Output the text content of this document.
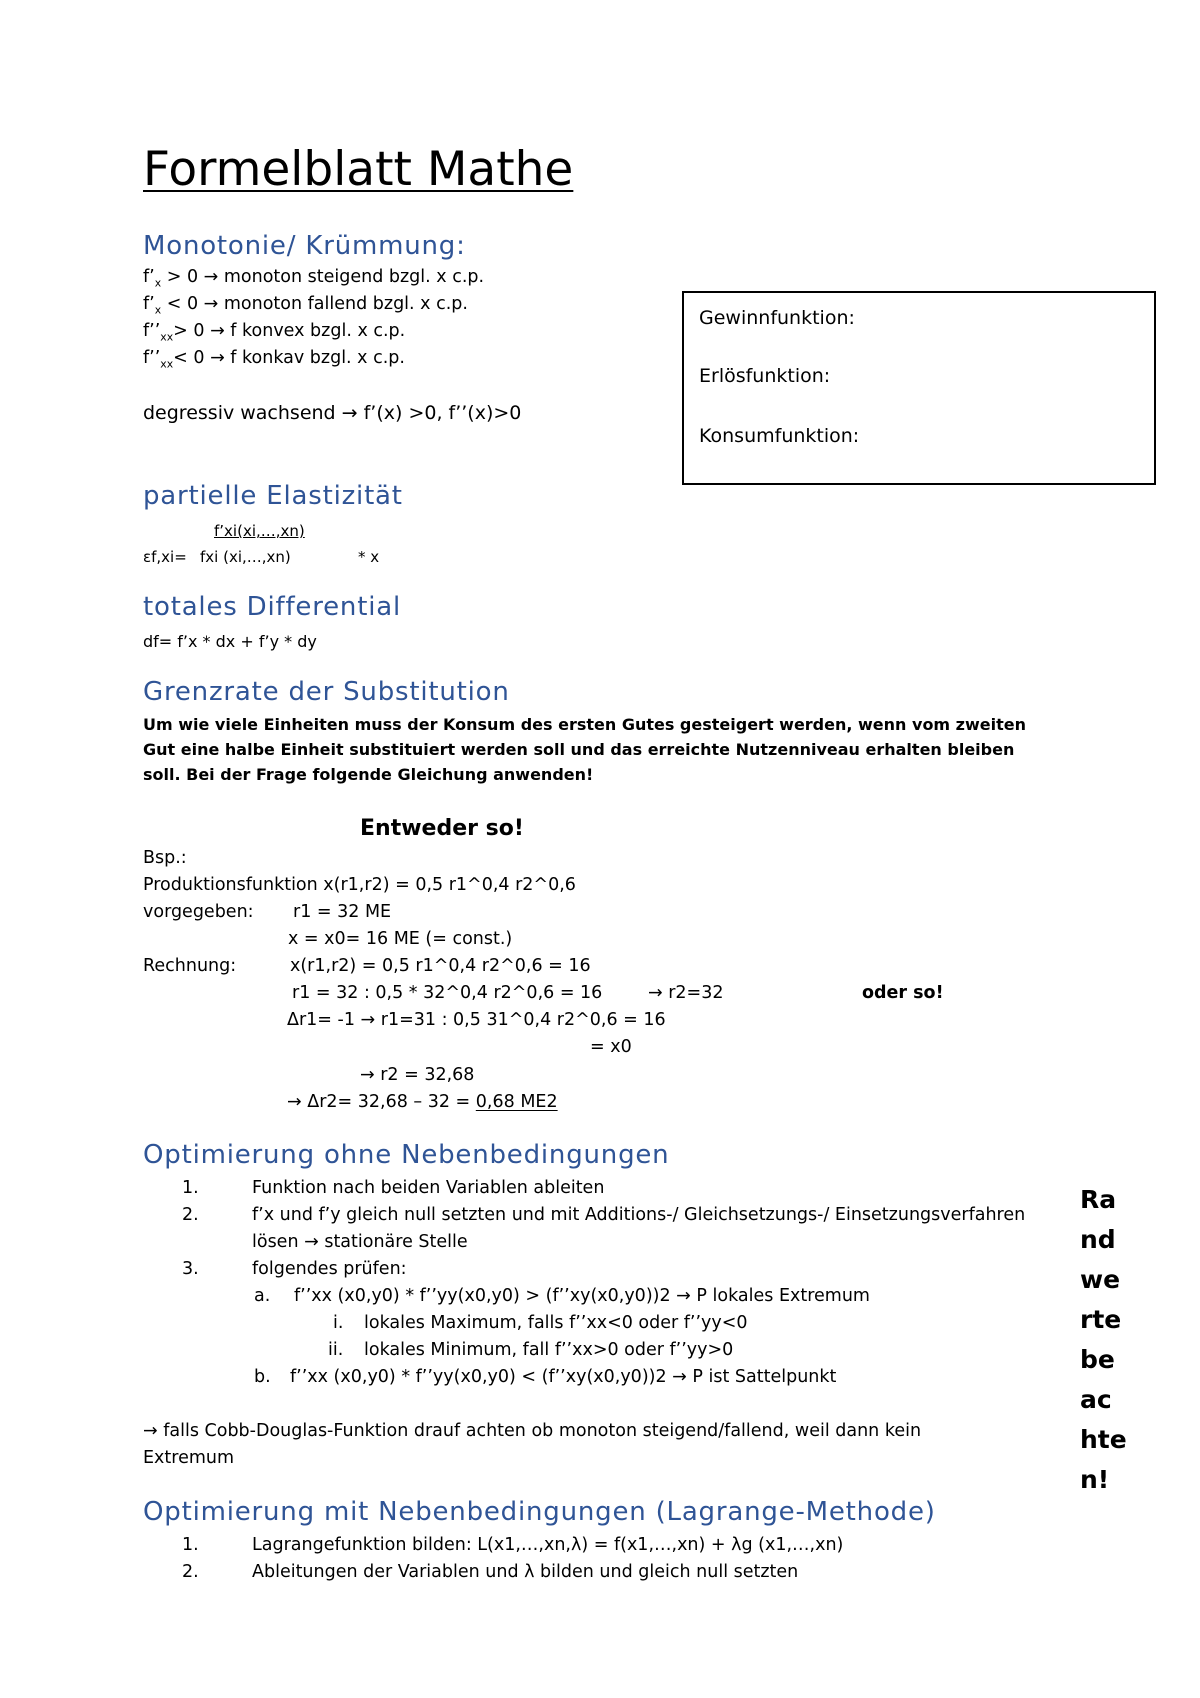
Formelblatt Mathe
Monotonie/ Krümmung:
$f’_x > 0$ → monoton steigend bzgl. x c.p.
$f’_x < 0$ → monoton fallend bzgl. x c.p.
$f’’_{xx}> 0 \to f$ konvex bzgl. x c.p.
$f’’_{xx}< 0 \to f$ konkav bzgl. x c.p.
degressiv wachsend → f’(x) >0, f’’(x)>0
Gewinnfunktion:
Erlösfunktion:
Konsumfunktion:
partielle Elastizität
f’xi(xi,…,xn)
εf,xi= fxi (xi,…,xn)	* x
totales Differential
df= f’x * dx + f’y * dy
Grenzrate der Substitution
Um wie viele Einheiten muss der Konsum des ersten Gutes gesteigert werden, wenn vom zweiten Gut eine halbe Einheit substituiert werden soll und das erreichte Nutzenniveau erhalten bleiben soll. Bei der Frage folgende Gleichung anwenden!
Entweder so!
Bsp.:
Produktionsfunktion x(r1,r2) = 0,5 r1^0,4 r2^0,6
vorgegeben: r1 = 32 ME
x = x0= 16 ME (= const.)
Rechnung:	x(r1,r2) = 0,5 r1^0,4 r2^0,6 = 16
r1 = 32 : 0,5 * 32^0,4 r2^0,6 = 16	→ r2=32	oder so!
Δr1= -1 → r1=31 : 0,5 31^0,4 r2^0,6 = 16
= x0
→ r2 = 32,68
→ Δr2= 32,68 – 32 = 0,68 ME2
Optimierung ohne Nebenbedingungen
1.	Funktion nach beiden Variablen ableiten
2.	f’x und f’y gleich null setzten und mit Additions-/ Gleichsetzungs-/ Einsetzungsverfahren
lösen → stationäre Stelle
3.	folgendes prüfen:
a. f’’xx (x0,y0) * f’’yy(x0,y0) > (f’’xy(x0,y0))2 → P lokales Extremum
i. lokales Maximum, falls f’’xx<0 oder f’’yy<0
ii. lokales Minimum, fall f’’xx>0 oder f’’yy>0
b. f’’xx (x0,y0) * f’’yy(x0,y0) < (f’’xy(x0,y0))2 → P ist Sattelpunkt
→ falls Cobb-Douglas-Funktion drauf achten ob monoton steigend/fallend, weil dann kein
Extremum
Optimierung mit Nebenbedingungen (Lagrange-Methode)
1.	Lagrangefunktion bilden: L(x1,…,xn,λ) = f(x1,…,xn) + λg (x1,…,xn)
2.	Ableitungen der Variablen und λ bilden und gleich null setzten
Ra
nd
we
rte
be
ac
hte
n!
